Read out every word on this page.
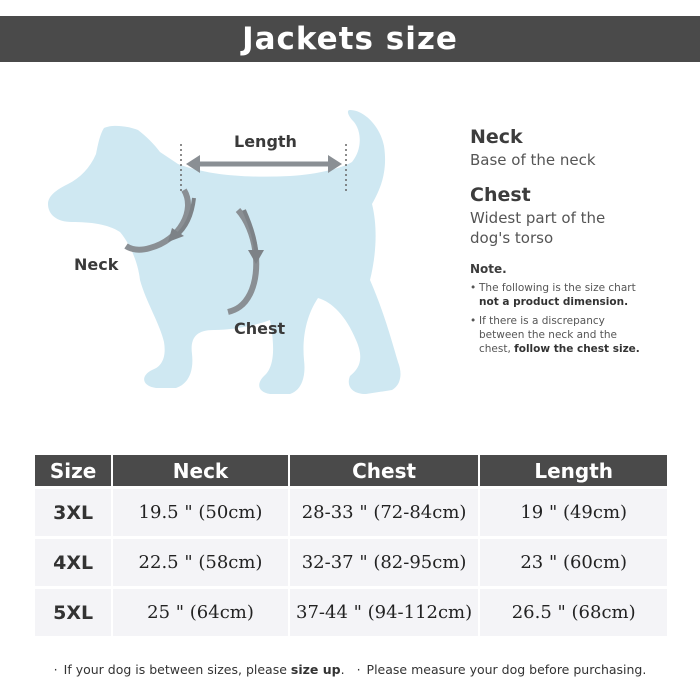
Jackets size
Length
Neck
Chest

Neck

Base of the neck

Chest

Widest part of the

dog's torso

Note.
• The following is the size chart
not a product dimension.
• If there is a discrepancy
between the neck and the
chest, follow the chest size.
Size	Neck	Chest	Length
3XL	19.5 " (50cm)	28-33 " (72-84cm)	19 " (49cm)
4XL	22.5 " (58cm)	32-37 " (82-95cm)	23 " (60cm)
5XL	25 " (64cm)	37-44 " (94-112cm)	26.5 " (68cm)
· If your dog is between sizes, please size up. · Please measure your dog before purchasing.
